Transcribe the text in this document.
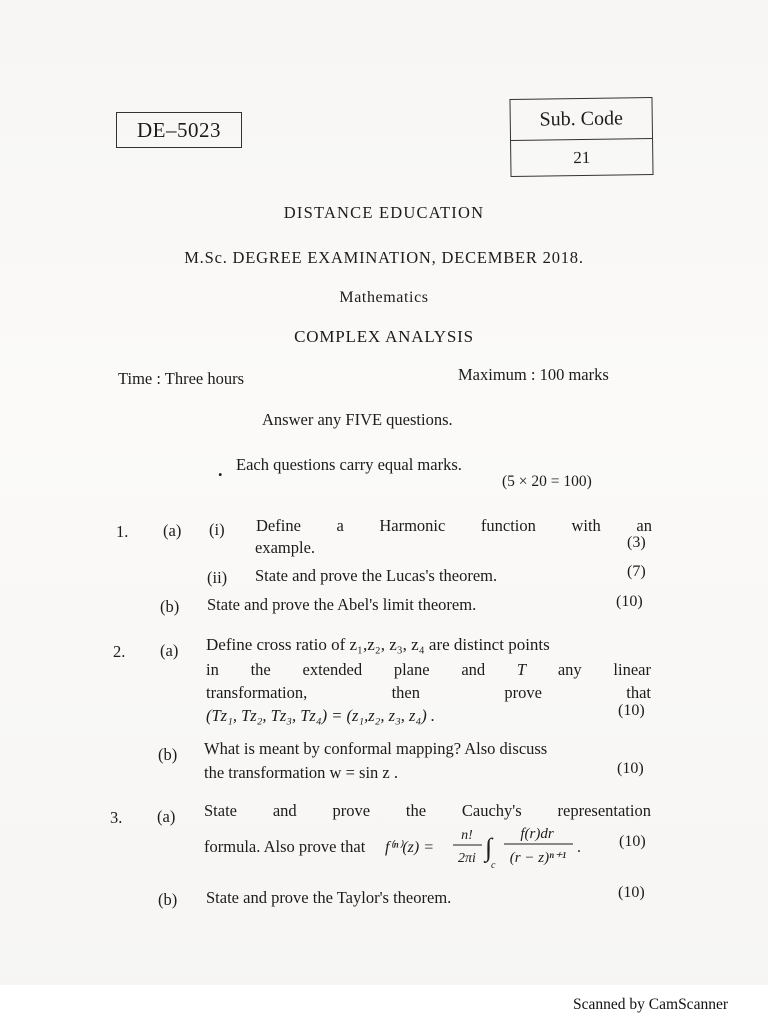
DE–5023	Sub. Code
21
DISTANCE EDUCATION
M.Sc. DEGREE EXAMINATION, DECEMBER 2018.
Mathematics
COMPLEX ANALYSIS
Time : Three hours	Maximum : 100 marks
Answer any FIVE questions.
. Each questions carry equal marks.
(5 × 20 = 100)
1. (a) (i) Define a Harmonic function with an
example.	(3)
(ii) State and prove the Lucas's theorem.	(7)
(b) State and prove the Abel's limit theorem.	(10)
2. (a) Define cross ratio of z₁,z₂, z₃, z₄ are distinct points
in the extended plane and T any linear
transformation,	then	prove	that
(Tz₁, Tz₂, Tz₃, Tz₄) = (z₁,z₂, z₃, z₄) .	(10)
(b) What is meant by conformal mapping? Also discuss
the transformation w = sin z .	(10)
3. (a) State and prove the Cauchy's representation
formula. Also prove that f⁽ⁿ⁾(z) =
n!
2πi ∫
c
f(r)dr
(r − z)ⁿ⁺¹
. (10)
(b) State and prove the Taylor's theorem.	(10)
Scanned by CamScanner
